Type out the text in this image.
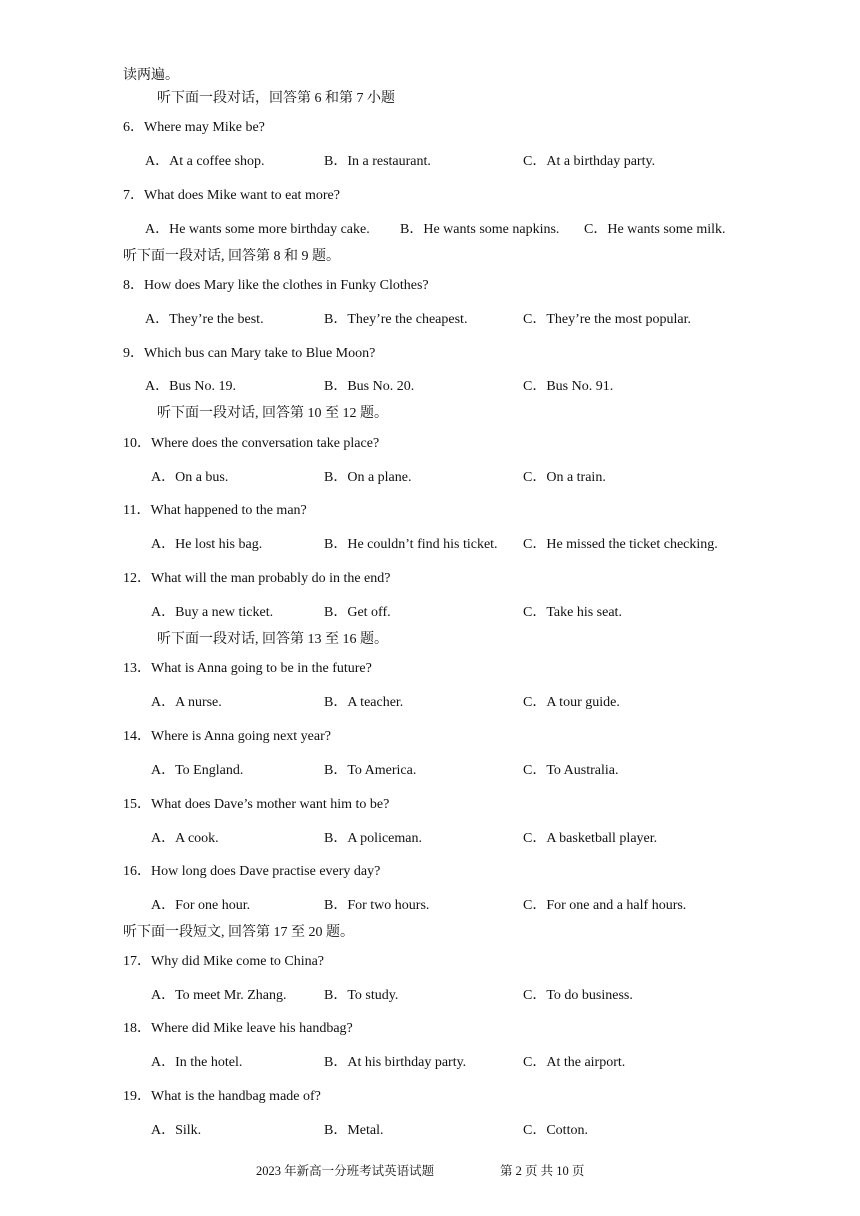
读两遍。
听下面一段对话，回答第 6 和第 7 小题
6．Where may Mike be?
A．At a coffee shop.	B．In a restaurant.	C．At a birthday party.
7．What does Mike want to eat more?
A．He wants some more birthday cake. B．He wants some napkins. C．He wants some milk.
听下面一段对话, 回答第 8 和 9 题。
8．How does Mary like the clothes in Funky Clothes?
A．They’re the best.	B．They’re the cheapest.	C．They’re the most popular.
9．Which bus can Mary take to Blue Moon?
A．Bus No. 19.	B．Bus No. 20.	C．Bus No. 91.
听下面一段对话, 回答第 10 至 12 题。
10．Where does the conversation take place?
A．On a bus.	B．On a plane.	C．On a train.
11．What happened to the man?
A．He lost his bag.	B．He couldn’t find his ticket. C．He missed the ticket checking.
12．What will the man probably do in the end?
A．Buy a new ticket.	B．Get off.	C．Take his seat.
听下面一段对话, 回答第 13 至 16 题。
13．What is Anna going to be in the future?
A．A nurse.	B．A teacher.	C．A tour guide.
14．Where is Anna going next year?
A．To England.	B．To America.	C．To Australia.
15．What does Dave’s mother want him to be?
A．A cook.	B．A policeman.	C．A basketball player.
16．How long does Dave practise every day?
A．For one hour.	B．For two hours.	C．For one and a half hours.
听下面一段短文, 回答第 17 至 20 题。
17．Why did Mike come to China?
A．To meet Mr. Zhang.	B．To study.	C．To do business.
18．Where did Mike leave his handbag?
A．In the hotel.	B．At his birthday party.	C．At the airport.
19．What is the handbag made of?
A．Silk.	B．Metal.	C．Cotton.
2023 年新高一分班考试英语试题	第 2 页 共 10 页
